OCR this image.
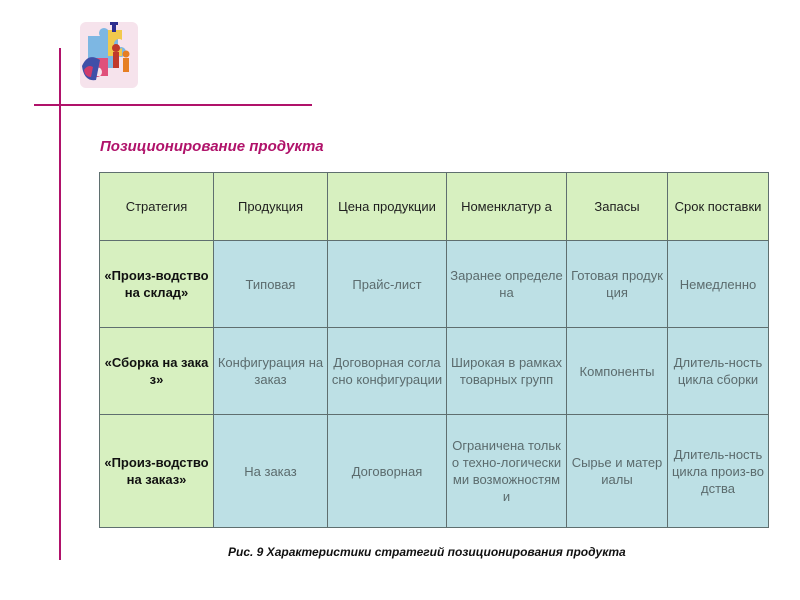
Позиционирование продукта
Стратегия	Продукция	Цена продукции	Номенклатур а	Запасы	Срок поставки
«Произ-водство на склад»	Типовая	Прайс-лист	Заранее определена	Готовая продукция	Немедленно
«Сборка на заказ»	Конфигурация на заказ	Договорная согласно конфигурации	Широкая в рамках товарных групп	Компоненты	Длитель-ность цикла сборки
«Произ-водство на заказ»	На заказ	Договорная	Ограничена только техно-логическими возможностями	Сырье и материалы	Длитель-ность цикла произ-водства
Рис. 9 Характеристики стратегий позиционирования продукта
